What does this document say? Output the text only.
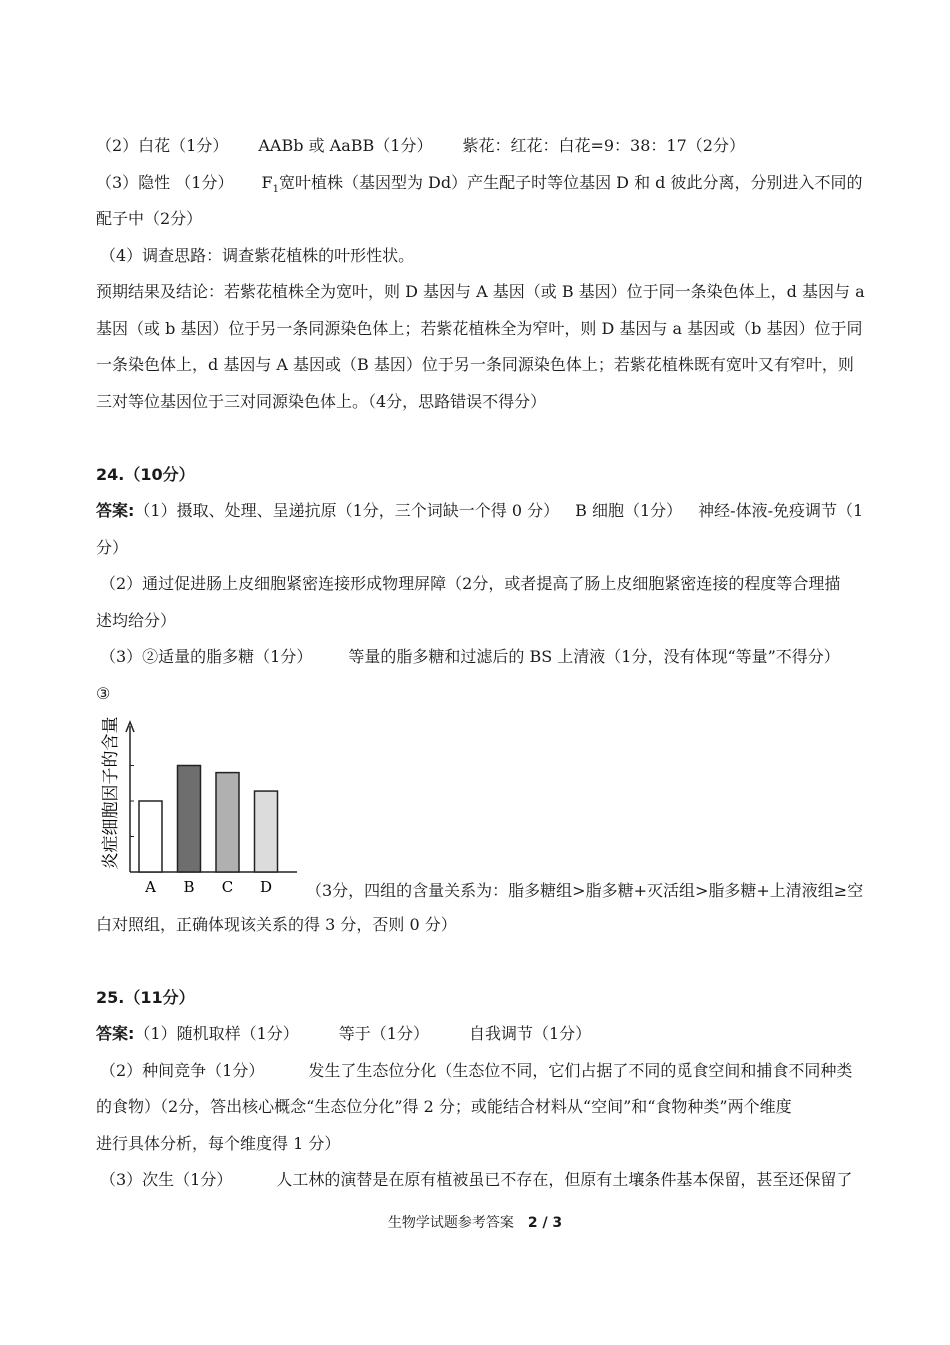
（2）白花（1分） AABb 或 AaBB（1分） 紫花：红花：白花=9：38：17（2分）
（3）隐性 （1分） $F_1$宽叶植株（基因型为 Dd）产生配子时等位基因 D 和 d 彼此分离，分别进入不同的
配子中（2分）
（4）调查思路：调查紫花植株的叶形性状。
预期结果及结论：若紫花植株全为宽叶，则 D 基因与 A 基因（或 B 基因）位于同一条染色体上，d 基因与 a
基因（或 b 基因）位于另一条同源染色体上；若紫花植株全为窄叶，则 D 基因与 a 基因或（b 基因）位于同
一条染色体上，d 基因与 A 基因或（B 基因）位于另一条同源染色体上；若紫花植株既有宽叶又有窄叶，则
三对等位基因位于三对同源染色体上。（4分，思路错误不得分）
24.（10分）
答案:（1）摄取、处理、呈递抗原（1分，三个词缺一个得 0 分） B 细胞（1分） 神经-体液-免疫调节（1
分）
（2）通过促进肠上皮细胞紧密连接形成物理屏障（2分，或者提高了肠上皮细胞紧密连接的程度等合理描
述均给分）
（3）②适量的脂多糖（1分） 等量的脂多糖和过滤后的 BS 上清液（1分，没有体现“等量”不得分）
③
A B C D
炎症细胞因子的含量
（3分，四组的含量关系为：脂多糖组>脂多糖+灭活组>脂多糖+上清液组≥空
白对照组，正确体现该关系的得 3 分，否则 0 分）
25.（11分）
答案:（1）随机取样（1分）	等于（1分）	自我调节（1分）
（2）种间竞争（1分）	发生了生态位分化（生态位不同，它们占据了不同的觅食空间和捕食不同种类
的食物）（2分，答出核心概念“生态位分化”得 2 分；或能结合材料从“空间”和“食物种类”两个维度
进行具体分析，每个维度得 1 分）
（3）次生（1分）	人工林的演替是在原有植被虽已不存在，但原有土壤条件基本保留，甚至还保留了
生物学试题参考答案 2 / 3
